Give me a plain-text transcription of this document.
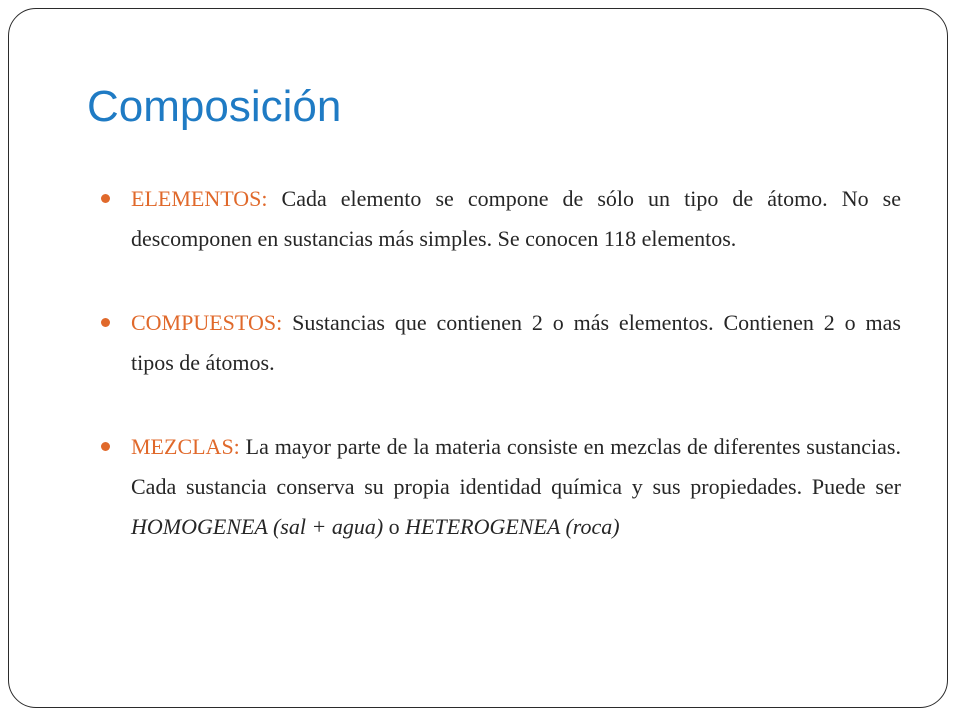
Composición
ELEMENTOS: Cada elemento se compone de sólo un tipo de átomo. No se descomponen en sustancias más simples. Se conocen 118 elementos.
COMPUESTOS: Sustancias que contienen 2 o más elementos. Contienen 2 o mas tipos de átomos.
MEZCLAS: La mayor parte de la materia consiste en mezclas de diferentes sustancias. Cada sustancia conserva su propia identidad química y sus propiedades. Puede ser HOMOGENEA (sal + agua) o HETEROGENEA (roca)
